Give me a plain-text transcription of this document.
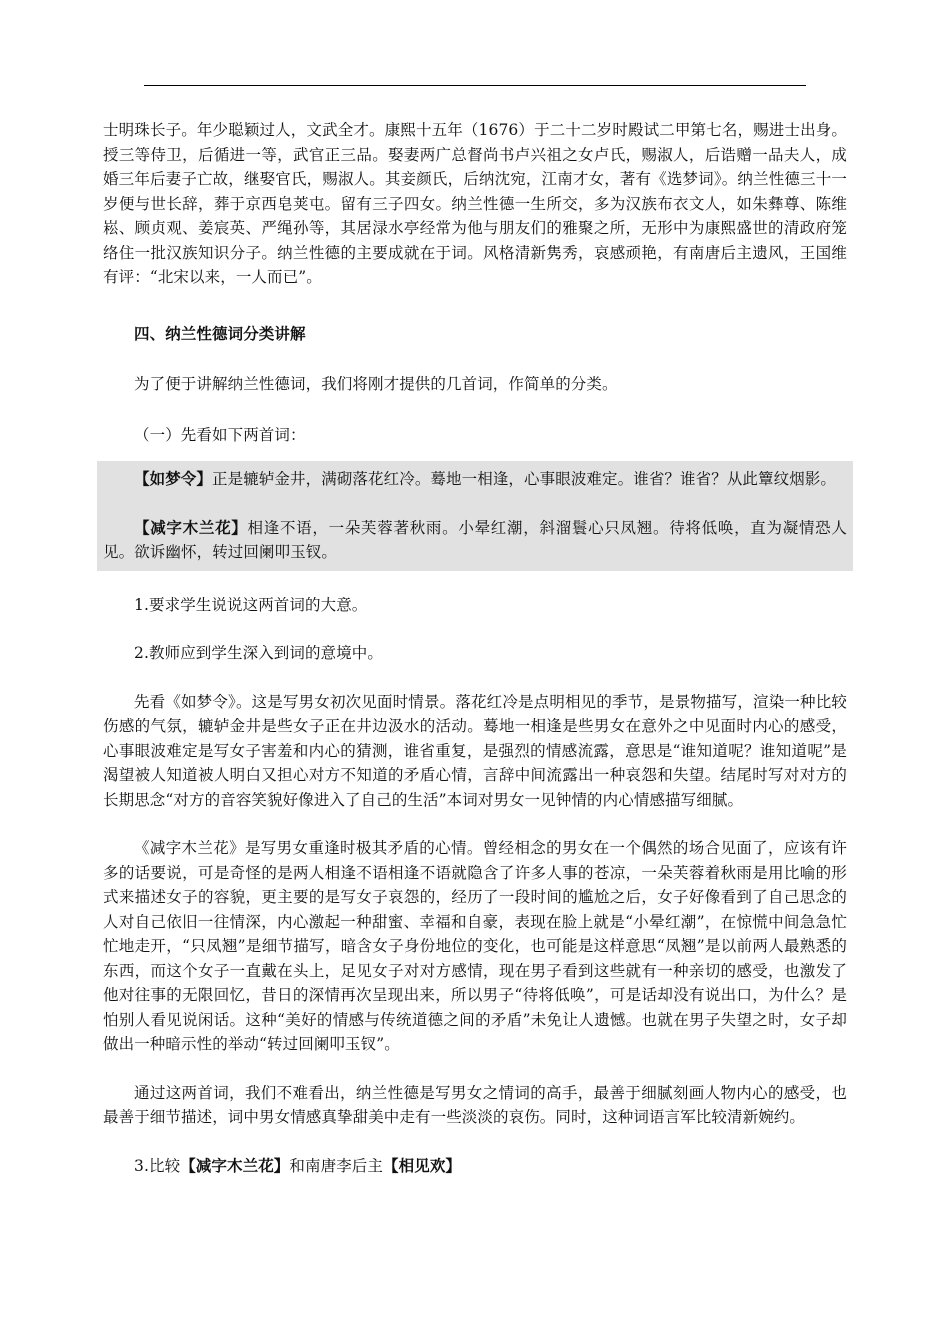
士明珠长子。年少聪颖过人，文武全才。康熙十五年（1676）于二十二岁时殿试二甲第七名，赐进士出身。授三等侍卫，后循进一等，武官正三品。娶妻两广总督尚书卢兴祖之女卢氏，赐淑人，后诰赠一品夫人，成婚三年后妻子亡故，继娶官氏，赐淑人。其妾颜氏，后纳沈宛，江南才女，著有《选梦词》。纳兰性德三十一岁便与世长辞，葬于京西皂荚屯。留有三子四女。纳兰性德一生所交，多为汉族布衣文人，如朱彝尊、陈维崧、顾贞观、姜宸英、严绳孙等，其居渌水亭经常为他与朋友们的雅聚之所，无形中为康熙盛世的清政府笼络住一批汉族知识分子。纳兰性德的主要成就在于词。风格清新隽秀，哀感顽艳，有南唐后主遗风，王国维有评：“北宋以来，一人而已”。

四、纳兰性德词分类讲解

为了便于讲解纳兰性德词，我们将刚才提供的几首词，作简单的分类。

（一）先看如下两首词：

【如梦令】正是辘轳金井，满砌落花红冷。蓦地一相逢，心事眼波难定。谁省？谁省？从此簟纹烟影。

【减字木兰花】相逢不语，一朵芙蓉著秋雨。小晕红潮，斜溜鬟心只凤翘。待将低唤，直为凝情恐人见。欲诉幽怀，转过回阑叩玉钗。

1.要求学生说说这两首词的大意。

2.教师应到学生深入到词的意境中。

先看《如梦令》。这是写男女初次见面时情景。落花红冷是点明相见的季节，是景物描写，渲染一种比较伤感的气氛，辘轳金井是些女子正在井边汲水的活动。蓦地一相逢是些男女在意外之中见面时内心的感受，心事眼波难定是写女子害羞和内心的猜测，谁省重复，是强烈的情感流露，意思是“谁知道呢？谁知道呢”是渴望被人知道被人明白又担心对方不知道的矛盾心情，言辞中间流露出一种哀怨和失望。结尾时写对对方的长期思念“对方的音容笑貌好像进入了自己的生活”本词对男女一见钟情的内心情感描写细腻。

《减字木兰花》是写男女重逢时极其矛盾的心情。曾经相念的男女在一个偶然的场合见面了，应该有许多的话要说，可是奇怪的是两人相逢不语相逢不语就隐含了许多人事的苍凉，一朵芙蓉着秋雨是用比喻的形式来描述女子的容貌，更主要的是写女子哀怨的，经历了一段时间的尴尬之后，女子好像看到了自己思念的人对自己依旧一往情深，内心激起一种甜蜜、幸福和自豪，表现在脸上就是“小晕红潮”，在惊慌中间急急忙忙地走开，“只凤翘”是细节描写，暗含女子身份地位的变化，也可能是这样意思“凤翘”是以前两人最熟悉的东西，而这个女子一直戴在头上，足见女子对对方感情，现在男子看到这些就有一种亲切的感受，也激发了他对往事的无限回忆，昔日的深情再次呈现出来，所以男子“待将低唤”，可是话却没有说出口，为什么？是怕别人看见说闲话。这种“美好的情感与传统道德之间的矛盾”未免让人遗憾。也就在男子失望之时，女子却做出一种暗示性的举动“转过回阑叩玉钗”。

通过这两首词，我们不难看出，纳兰性德是写男女之情词的高手，最善于细腻刻画人物内心的感受，也最善于细节描述，词中男女情感真挚甜美中走有一些淡淡的哀伤。同时，这种词语言军比较清新婉约。

3.比较【减字木兰花】和南唐李后主【相见欢】
